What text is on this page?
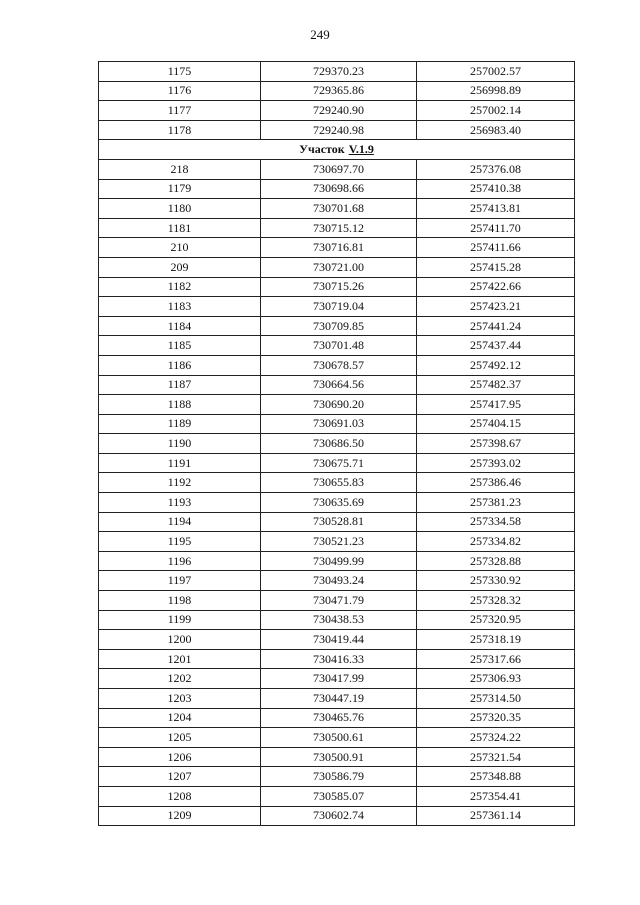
249
1175	729370.23	257002.57
1176	729365.86	256998.89
1177	729240.90	257002.14
1178	729240.98	256983.40
Участок V.1.9		
218	730697.70	257376.08
1179	730698.66	257410.38
1180	730701.68	257413.81
1181	730715.12	257411.70
210	730716.81	257411.66
209	730721.00	257415.28
1182	730715.26	257422.66
1183	730719.04	257423.21
1184	730709.85	257441.24
1185	730701.48	257437.44
1186	730678.57	257492.12
1187	730664.56	257482.37
1188	730690.20	257417.95
1189	730691.03	257404.15
1190	730686.50	257398.67
1191	730675.71	257393.02
1192	730655.83	257386.46
1193	730635.69	257381.23
1194	730528.81	257334.58
1195	730521.23	257334.82
1196	730499.99	257328.88
1197	730493.24	257330.92
1198	730471.79	257328.32
1199	730438.53	257320.95
1200	730419.44	257318.19
1201	730416.33	257317.66
1202	730417.99	257306.93
1203	730447.19	257314.50
1204	730465.76	257320.35
1205	730500.61	257324.22
1206	730500.91	257321.54
1207	730586.79	257348.88
1208	730585.07	257354.41
1209	730602.74	257361.14
